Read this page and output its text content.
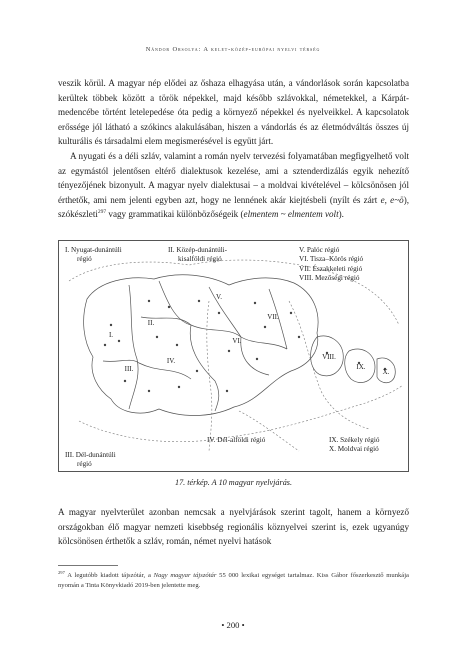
Nándor Orsolya: A kelet-közép-európai nyelvi térség

veszik körül. A magyar nép elődei az őshaza elhagyása után, a vándorlások során kapcsolatba kerültek többek között a török népekkel, majd később szlávokkal, németekkel, a Kárpát-medencébe történt letelepedése óta pedig a környező népekkel és nyelveikkel. A kapcsolatok erőssége jól látható a szókincs alakulásában, hiszen a vándorlás és az életmódváltás összes új kulturális és társadalmi elem megismerésével is együtt járt.

A nyugati és a déli szláv, valamint a román nyelv tervezési folyamatában megfigyelhető volt az egymástól jelentősen eltérő dialektusok kezelése, ami a sztenderdizálás egyik nehezítő tényezőjének bizonyult. A magyar nyelv dialektusai – a moldvai kivételével – kölcsönösen jól érthetők, ami nem jelenti egyben azt, hogy ne lennének akár kiejtésbeli (nyílt és zárt e, e~ö), szókészleti$^{297}$ vagy grammatikai különbözőségeik (elmentem ~ elmentem volt).

I.
II.
III.
IV.
V.
VI.
VII.
VIII.
IX.
X.
I. Nyugat-dunántúli
régió
II. Közép-dunántúli-
kisalföldi régió
V. Palóc régió
VI. Tisza–Körös régió
VII. Északkeleti régió
VIII. Mezőségi régió
IV. Dél-alföldi régió	IX. Székely régió
X. Moldvai régió
III. Dél-dunántúli
régió
17. térkép. A 10 magyar nyelvjárás.

A magyar nyelvterület azonban nemcsak a nyelvjárások szerint tagolt, hanem a környező országokban élő magyar nemzeti kisebbség regionális köznyelvei szerint is, ezek ugyanúgy kölcsönösen érthetők a szláv, román, német nyelvi hatások

$^{297}$ A legutóbb kiadott tájszótár, a Nagy magyar tájszótár 55 000 lexikai egységet tartalmaz. Kiss Gábor főszerkesztő munkája nyomán a Tinta Könyvkiadó 2019-ben jelentette meg.
• 200 •
